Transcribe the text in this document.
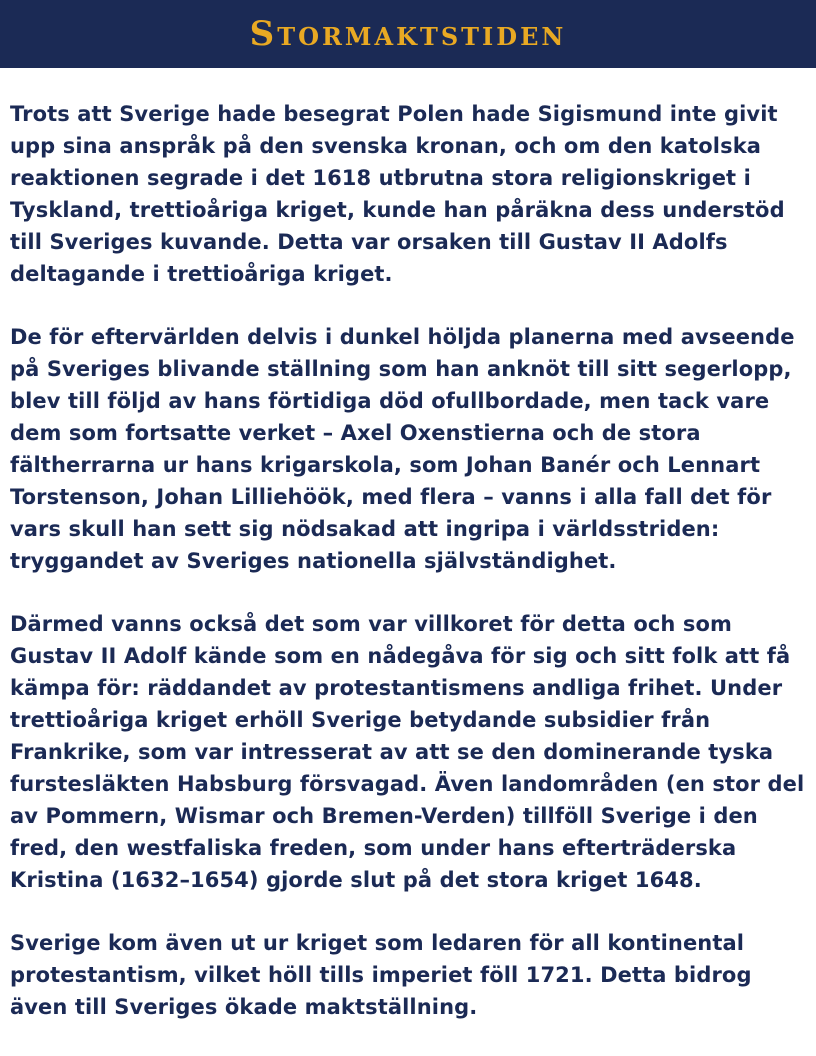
Stormaktstiden

Trots att Sverige hade besegrat Polen hade Sigismund inte givit upp sina anspråk på den svenska kronan, och om den katolska reaktionen segrade i det 1618 utbrutna stora religionskriget i Tyskland, trettioåriga kriget, kunde han påräkna dess understöd till Sveriges kuvande. Detta var orsaken till Gustav II Adolfs deltagande i trettioåriga kriget.

De för eftervärlden delvis i dunkel höljda planerna med avseende på Sveriges blivande ställning som han anknöt till sitt segerlopp, blev till följd av hans förtidiga död ofullbordade, men tack vare dem som fortsatte verket – Axel Oxenstierna och de stora fältherrarna ur hans krigarskola, som Johan Banér och Lennart Torstenson, Johan Lilliehöök, med flera – vanns i alla fall det för vars skull han sett sig nödsakad att ingripa i världsstriden: tryggandet av Sveriges nationella självständighet.

Därmed vanns också det som var villkoret för detta och som Gustav II Adolf kände som en nådegåva för sig och sitt folk att få kämpa för: räddandet av protestantismens andliga frihet. Under trettioåriga kriget erhöll Sverige betydande subsidier från Frankrike, som var intresserat av att se den dominerande tyska furstesläkten Habsburg försvagad. Även landområden (en stor del av Pommern, Wismar och Bremen-Verden) tillföll Sverige i den fred, den westfaliska freden, som under hans efterträderska Kristina (1632–1654) gjorde slut på det stora kriget 1648.

Sverige kom även ut ur kriget som ledaren för all kontinental protestantism, vilket höll tills imperiet föll 1721. Detta bidrog även till Sveriges ökade maktställning.
